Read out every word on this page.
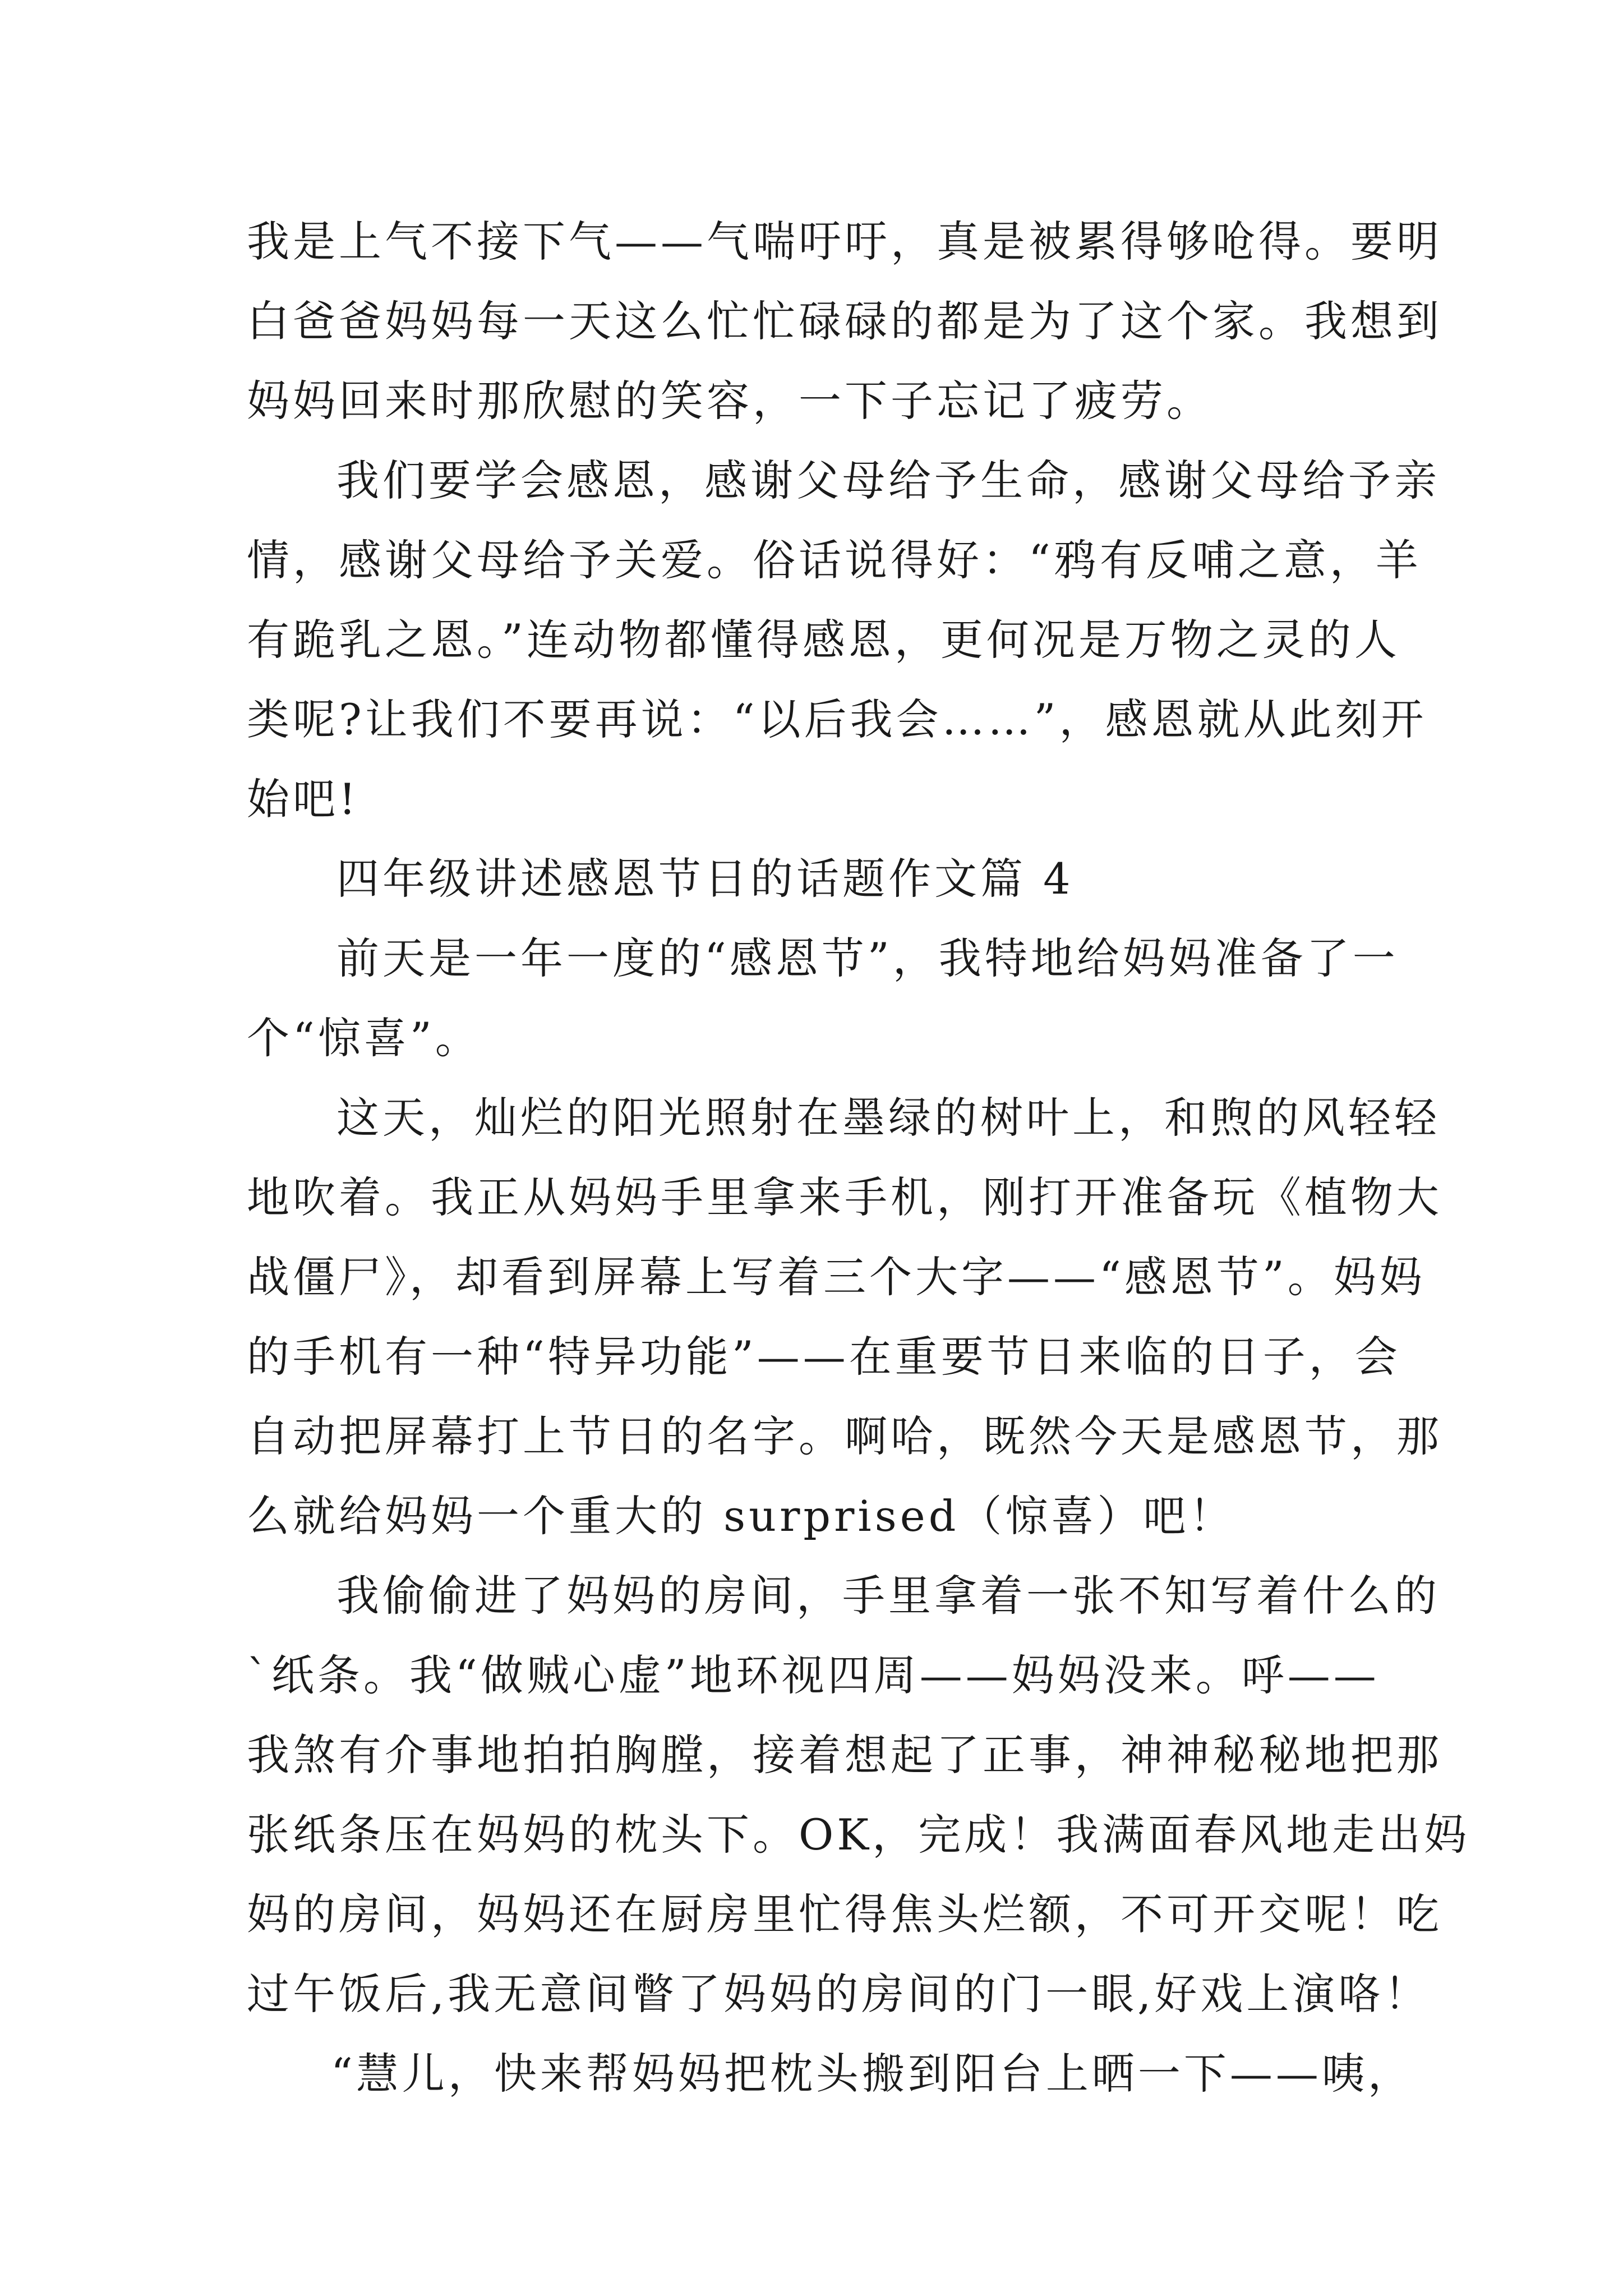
我是上气不接下气——气喘吁吁，真是被累得够呛得。要明
白爸爸妈妈每一天这么忙忙碌碌的都是为了这个家。我想到
妈妈回来时那欣慰的笑容，一下子忘记了疲劳。
我们要学会感恩，感谢父母给予生命，感谢父母给予亲
情，感谢父母给予关爱。俗话说得好：“鸦有反哺之意，羊
有跪乳之恩。”连动物都懂得感恩，更何况是万物之灵的人
类呢?让我们不要再说：“以后我会……”，感恩就从此刻开
始吧!
四年级讲述感恩节日的话题作文篇 4
前天是一年一度的“感恩节”，我特地给妈妈准备了一
个“惊喜”。
这天，灿烂的阳光照射在墨绿的树叶上，和煦的风轻轻
地吹着。我正从妈妈手里拿来手机，刚打开准备玩《植物大
战僵尸》，却看到屏幕上写着三个大字——“感恩节”。妈妈
的手机有一种“特异功能”——在重要节日来临的日子，会
自动把屏幕打上节日的名字。啊哈，既然今天是感恩节，那
么就给妈妈一个重大的 surprised（惊喜）吧！
我偷偷进了妈妈的房间，手里拿着一张不知写着什么的
`纸条。我“做贼心虚”地环视四周——妈妈没来。呼——
我煞有介事地拍拍胸膛，接着想起了正事，神神秘秘地把那
张纸条压在妈妈的枕头下。OK，完成！我满面春风地走出妈
妈的房间，妈妈还在厨房里忙得焦头烂额，不可开交呢！吃
过午饭后,我无意间瞥了妈妈的房间的门一眼,好戏上演咯！
“慧儿，快来帮妈妈把枕头搬到阳台上晒一下——咦，
